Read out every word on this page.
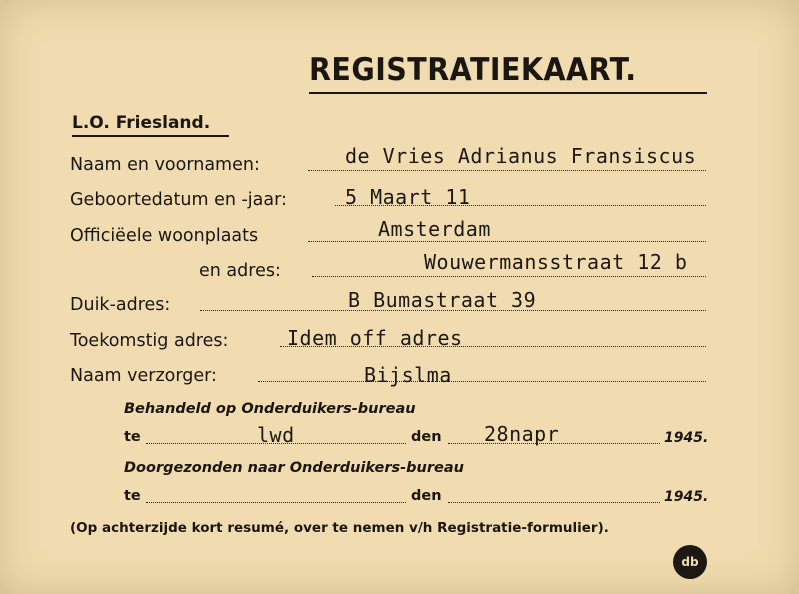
REGISTRATIEKAART.
L.O. Friesland.
Naam en voornamen:	de Vries Adrianus Fransiscus
Geboortedatum en -jaar:	5 Maart 11
Officiëele woonplaats	Amsterdam
en adres:	Wouwermansstraat 12 b
Duik-adres:	B Bumastraat 39
Toekomstig adres:	Idem off adres
Naam verzorger:	Bijslma
Behandeld op Onderduikers-bureau
te	lwd	den 28napr	1945.
Doorgezonden naar Onderduikers-bureau
te	den	1945.
(Op achterzijde kort resumé, over te nemen v/h Registratie-formulier).
db
